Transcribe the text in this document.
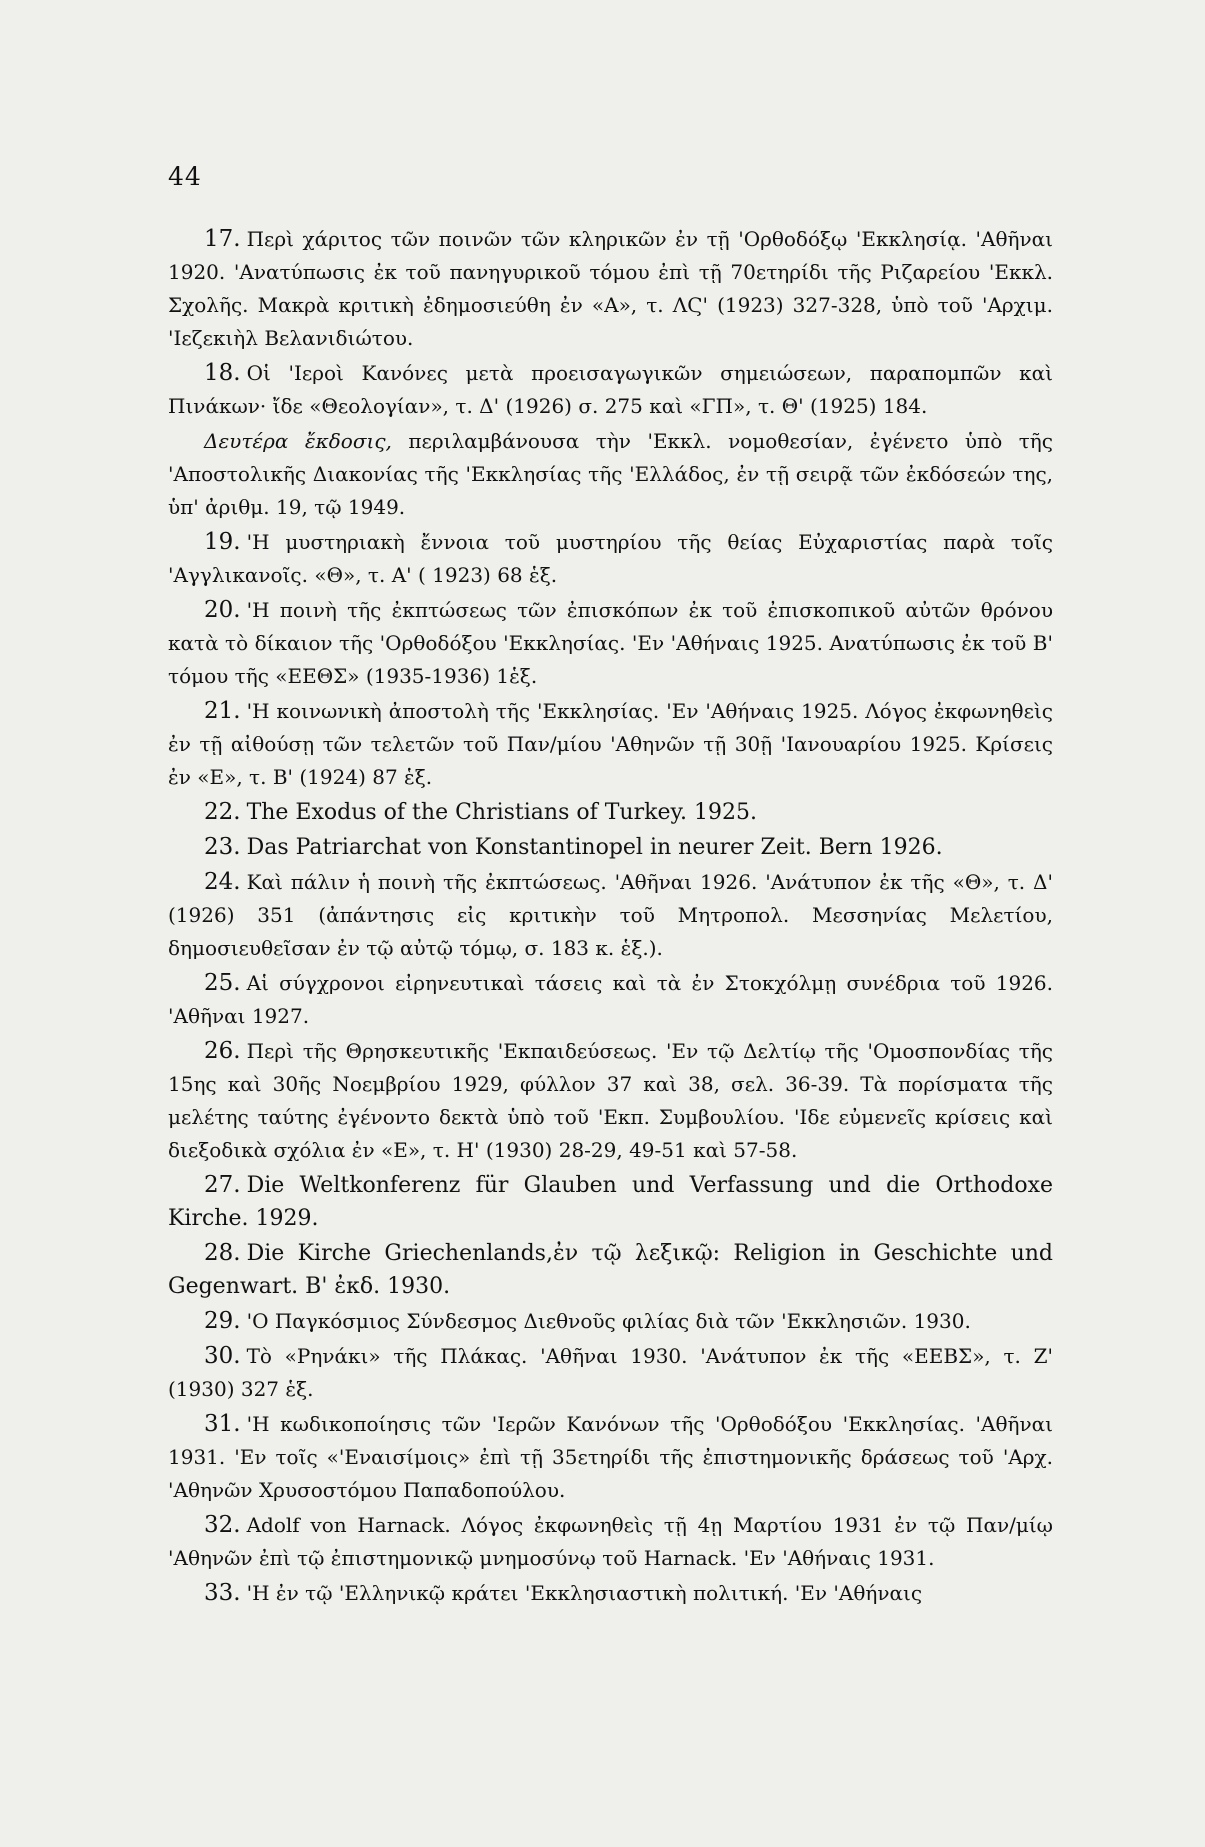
44

17. Περὶ χάριτος τῶν ποινῶν τῶν κληρικῶν ἐν τῇ 'Ορθοδόξῳ 'Εκκλησίᾳ. 'Αθῆναι 1920. 'Ανατύπωσις ἐκ τοῦ πανηγυρικοῦ τόμου ἐπὶ τῇ 70ετηρίδι τῆς Ριζαρείου 'Εκκλ. Σχολῆς. Μακρὰ κριτικὴ ἐδημοσιεύθη ἐν «Α», τ. ΛϚ' (1923) 327-328, ὑπὸ τοῦ 'Αρχιμ. 'Ιεζεκιὴλ Βελανιδιώτου.

18. Οἱ 'Ιεροὶ Κανόνες μετὰ προεισαγωγικῶν σημειώσεων, παραπομπῶν καὶ Πινάκων· ἴδε «Θεολογίαν», τ. Δ' (1926) σ. 275 καὶ «ΓΠ», τ. Θ' (1925) 184.

Δευτέρα ἔκδοσις, περιλαμβάνουσα τὴν 'Εκκλ. νομοθεσίαν, ἐγένετο ὑπὸ τῆς 'Αποστολικῆς Διακονίας τῆς 'Εκκλησίας τῆς 'Ελλάδος, ἐν τῇ σειρᾷ τῶν ἐκδόσεών της, ὑπ' ἀριθμ. 19, τῷ 1949.

19. 'Η μυστηριακὴ ἔννοια τοῦ μυστηρίου τῆς θείας Εὐχαριστίας παρὰ τοῖς 'Αγγλικανοῖς. «Θ», τ. Α' ( 1923) 68 ἑξ.

20. 'Η ποινὴ τῆς ἐκπτώσεως τῶν ἐπισκόπων ἐκ τοῦ ἐπισκοπικοῦ αὐτῶν θρόνου κατὰ τὸ δίκαιον τῆς 'Ορθοδόξου 'Εκκλησίας. 'Εν 'Αθήναις 1925. Ανατύπωσις ἐκ τοῦ Β' τόμου τῆς «ΕΕΘΣ» (1935-1936) 1ἑξ.

21. 'Η κοινωνικὴ ἀποστολὴ τῆς 'Εκκλησίας. 'Εν 'Αθήναις 1925. Λόγος ἐκφωνηθεὶς ἐν τῇ αἰθούσῃ τῶν τελετῶν τοῦ Παν/μίου 'Αθηνῶν τῇ 30ῇ 'Ιανουαρίου 1925. Κρίσεις ἐν «Ε», τ. Β' (1924) 87 ἑξ.

22. The Exodus of the Christians of Turkey. 1925.

23. Das Patriarchat von Konstantinopel in neurer Zeit. Bern 1926.

24. Καὶ πάλιν ἡ ποινὴ τῆς ἐκπτώσεως. 'Αθῆναι 1926. 'Ανάτυπον ἐκ τῆς «Θ», τ. Δ' (1926) 351 (ἀπάντησις εἰς κριτικὴν τοῦ Μητροπολ. Μεσσηνίας Μελετίου, δημοσιευθεῖσαν ἐν τῷ αὐτῷ τόμῳ, σ. 183 κ. ἑξ.).

25. Αἱ σύγχρονοι εἰρηνευτικαὶ τάσεις καὶ τὰ ἐν Στοκχόλμῃ συνέδρια τοῦ 1926. 'Αθῆναι 1927.

26. Περὶ τῆς Θρησκευτικῆς 'Εκπαιδεύσεως. 'Εν τῷ Δελτίῳ τῆς 'Ομοσπονδίας τῆς 15ης καὶ 30ῆς Νοεμβρίου 1929, φύλλον 37 καὶ 38, σελ. 36-39. Τὰ πορίσματα τῆς μελέτης ταύτης ἐγένοντο δεκτὰ ὑπὸ τοῦ 'Εκπ. Συμβουλίου. 'Ιδε εὐμενεῖς κρίσεις καὶ διεξοδικὰ σχόλια ἐν «Ε», τ. Η' (1930) 28-29, 49-51 καὶ 57-58.

27. Die Weltkonferenz für Glauben und Verfassung und die Orthodoxe Kirche. 1929.

28. Die Kirche Griechenlands,ἐν τῷ λεξικῷ: Religion in Geschichte und Gegenwart. Β' ἐκδ. 1930.

29. 'Ο Παγκόσμιος Σύνδεσμος Διεθνοῦς φιλίας διὰ τῶν 'Εκκλησιῶν. 1930.

30. Τὸ «Ρηνάκι» τῆς Πλάκας. 'Αθῆναι 1930. 'Ανάτυπον ἐκ τῆς «ΕΕΒΣ», τ. Ζ' (1930) 327 ἑξ.

31. 'Η κωδικοποίησις τῶν 'Ιερῶν Κανόνων τῆς 'Ορθοδόξου 'Εκκλησίας. 'Αθῆναι 1931. 'Εν τοῖς «'Εναισίμοις» ἐπὶ τῇ 35ετηρίδι τῆς ἐπιστημονικῆς δράσεως τοῦ 'Αρχ. 'Αθηνῶν Χρυσοστόμου Παπαδοπούλου.

32. Adolf von Harnack. Λόγος ἐκφωνηθεὶς τῇ 4ῃ Μαρτίου 1931 ἐν τῷ Παν/μίῳ 'Αθηνῶν ἐπὶ τῷ ἐπιστημονικῷ μνημοσύνῳ τοῦ Harnack. 'Εν 'Αθήναις 1931.

33. 'Η ἐν τῷ 'Ελληνικῷ κράτει 'Εκκλησιαστικὴ πολιτική. 'Εν 'Αθήναις
